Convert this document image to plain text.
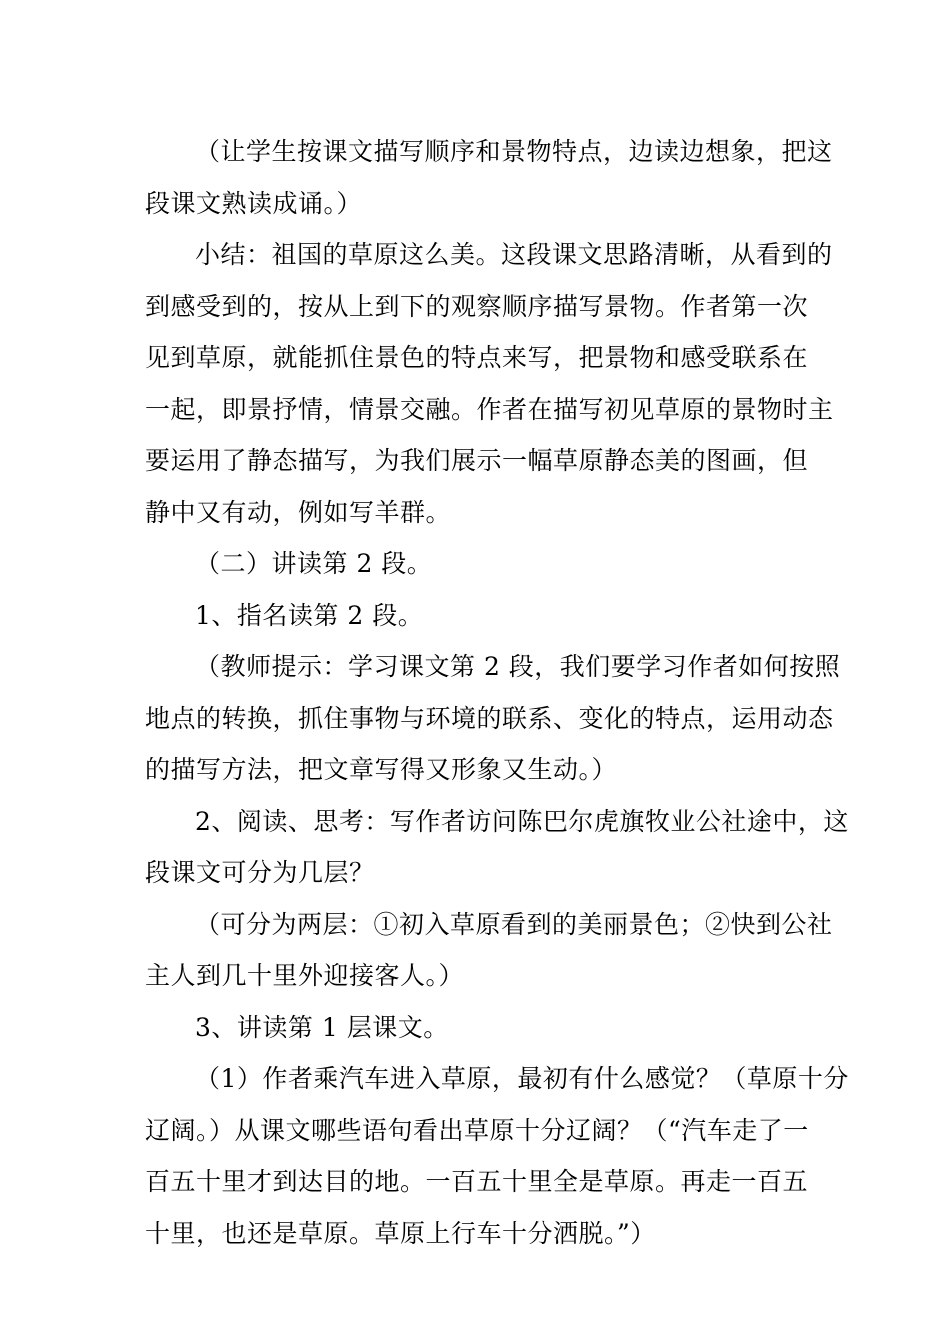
（让学生按课文描写顺序和景物特点，边读边想象，把这
段课文熟读成诵。）
小结：祖国的草原这么美。这段课文思路清晰，从看到的
到感受到的，按从上到下的观察顺序描写景物。作者第一次
见到草原，就能抓住景色的特点来写，把景物和感受联系在
一起，即景抒情，情景交融。作者在描写初见草原的景物时主
要运用了静态描写，为我们展示一幅草原静态美的图画，但
静中又有动，例如写羊群。
（二）讲读第 2 段。
1、指名读第 2 段。
（教师提示：学习课文第 2 段，我们要学习作者如何按照
地点的转换，抓住事物与环境的联系、变化的特点，运用动态
的描写方法，把文章写得又形象又生动。）
2、阅读、思考：写作者访问陈巴尔虎旗牧业公社途中，这
段课文可分为几层？
（可分为两层：①初入草原看到的美丽景色；②快到公社
主人到几十里外迎接客人。）
3、讲读第 1 层课文。
（1）作者乘汽车进入草原，最初有什么感觉？（草原十分
辽阔。）从课文哪些语句看出草原十分辽阔？（“汽车走了一
百五十里才到达目的地。一百五十里全是草原。再走一百五
十里，也还是草原。草原上行车十分洒脱。”）
